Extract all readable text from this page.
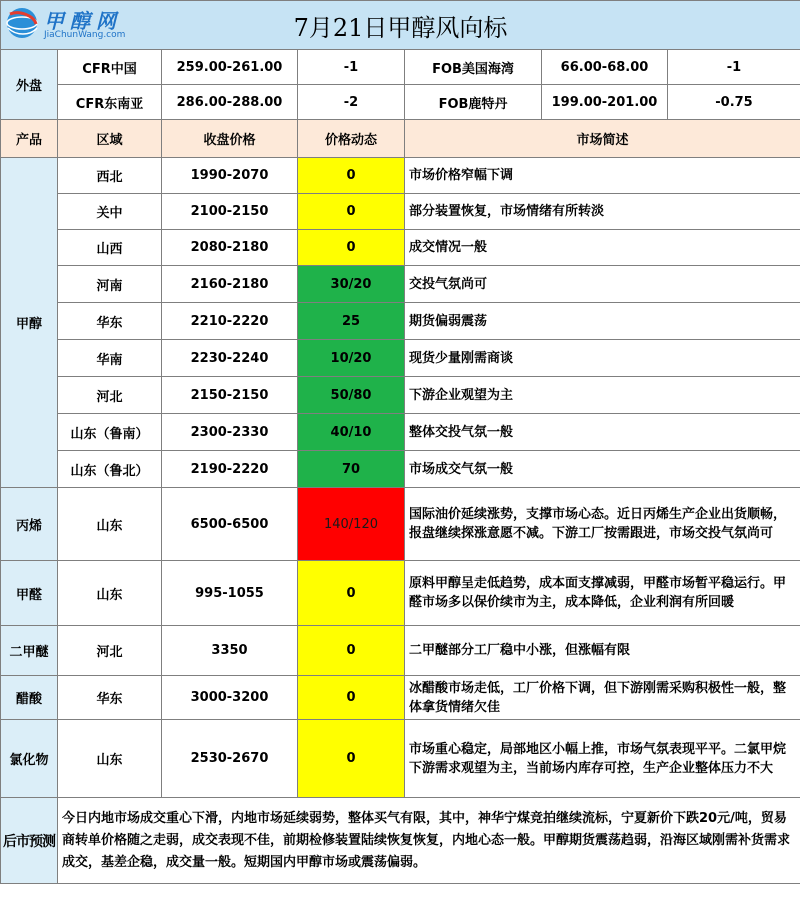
7月21日甲醇风向标						
外盘	CFR中国	259.00-261.00	-1	FOB美国海湾	66.00-68.00	-1
	CFR东南亚	286.00-288.00	-2	FOB鹿特丹	199.00-201.00	-0.75
产品	区域	收盘价格	价格动态	市场简述		
甲醇	西北	1990-2070	0	市场价格窄幅下调		
	关中	2100-2150	0	部分装置恢复，市场情绪有所转淡		
	山西	2080-2180	0	成交情况一般		
	河南	2160-2180	30/20	交投气氛尚可		
	华东	2210-2220	25	期货偏弱震荡		
	华南	2230-2240	10/20	现货少量刚需商谈		
	河北	2150-2150	50/80	下游企业观望为主		
	山东（鲁南）	2300-2330	40/10	整体交投气氛一般		
	山东（鲁北）	2190-2220	70	市场成交气氛一般		
丙烯	山东	6500-6500	140/120	国际油价延续涨势，支撑市场心态。近日丙烯生产企业出货顺畅，报盘继续探涨意愿不减。下游工厂按需跟进，市场交投气氛尚可		
甲醛	山东	995-1055	0	原料甲醇呈走低趋势，成本面支撑减弱，甲醛市场暂平稳运行。甲醛市场多以保价续市为主，成本降低，企业利润有所回暖		
二甲醚	河北	3350	0	二甲醚部分工厂稳中小涨，但涨幅有限		
醋酸	华东	3000-3200	0	冰醋酸市场走低，工厂价格下调，但下游刚需采购积极性一般，整体拿货情绪欠佳		
氯化物	山东	2530-2670	0	市场重心稳定，局部地区小幅上推，市场气氛表现平平。二氯甲烷下游需求观望为主，当前场内库存可控，生产企业整体压力不大		
后市预测	今日内地市场成交重心下滑，内地市场延续弱势，整体买气有限，其中，神华宁煤竞拍继续流标，宁夏新价下跌20元/吨，贸易商转单价格随之走弱，成交表现不佳，前期检修装置陆续恢复恢复，内地心态一般。甲醇期货震荡趋弱，沿海区域刚需补货需求成交，基差企稳，成交量一般。短期国内甲醇市场或震荡偏弱。					
甲醇网
JiaChunWang.com
